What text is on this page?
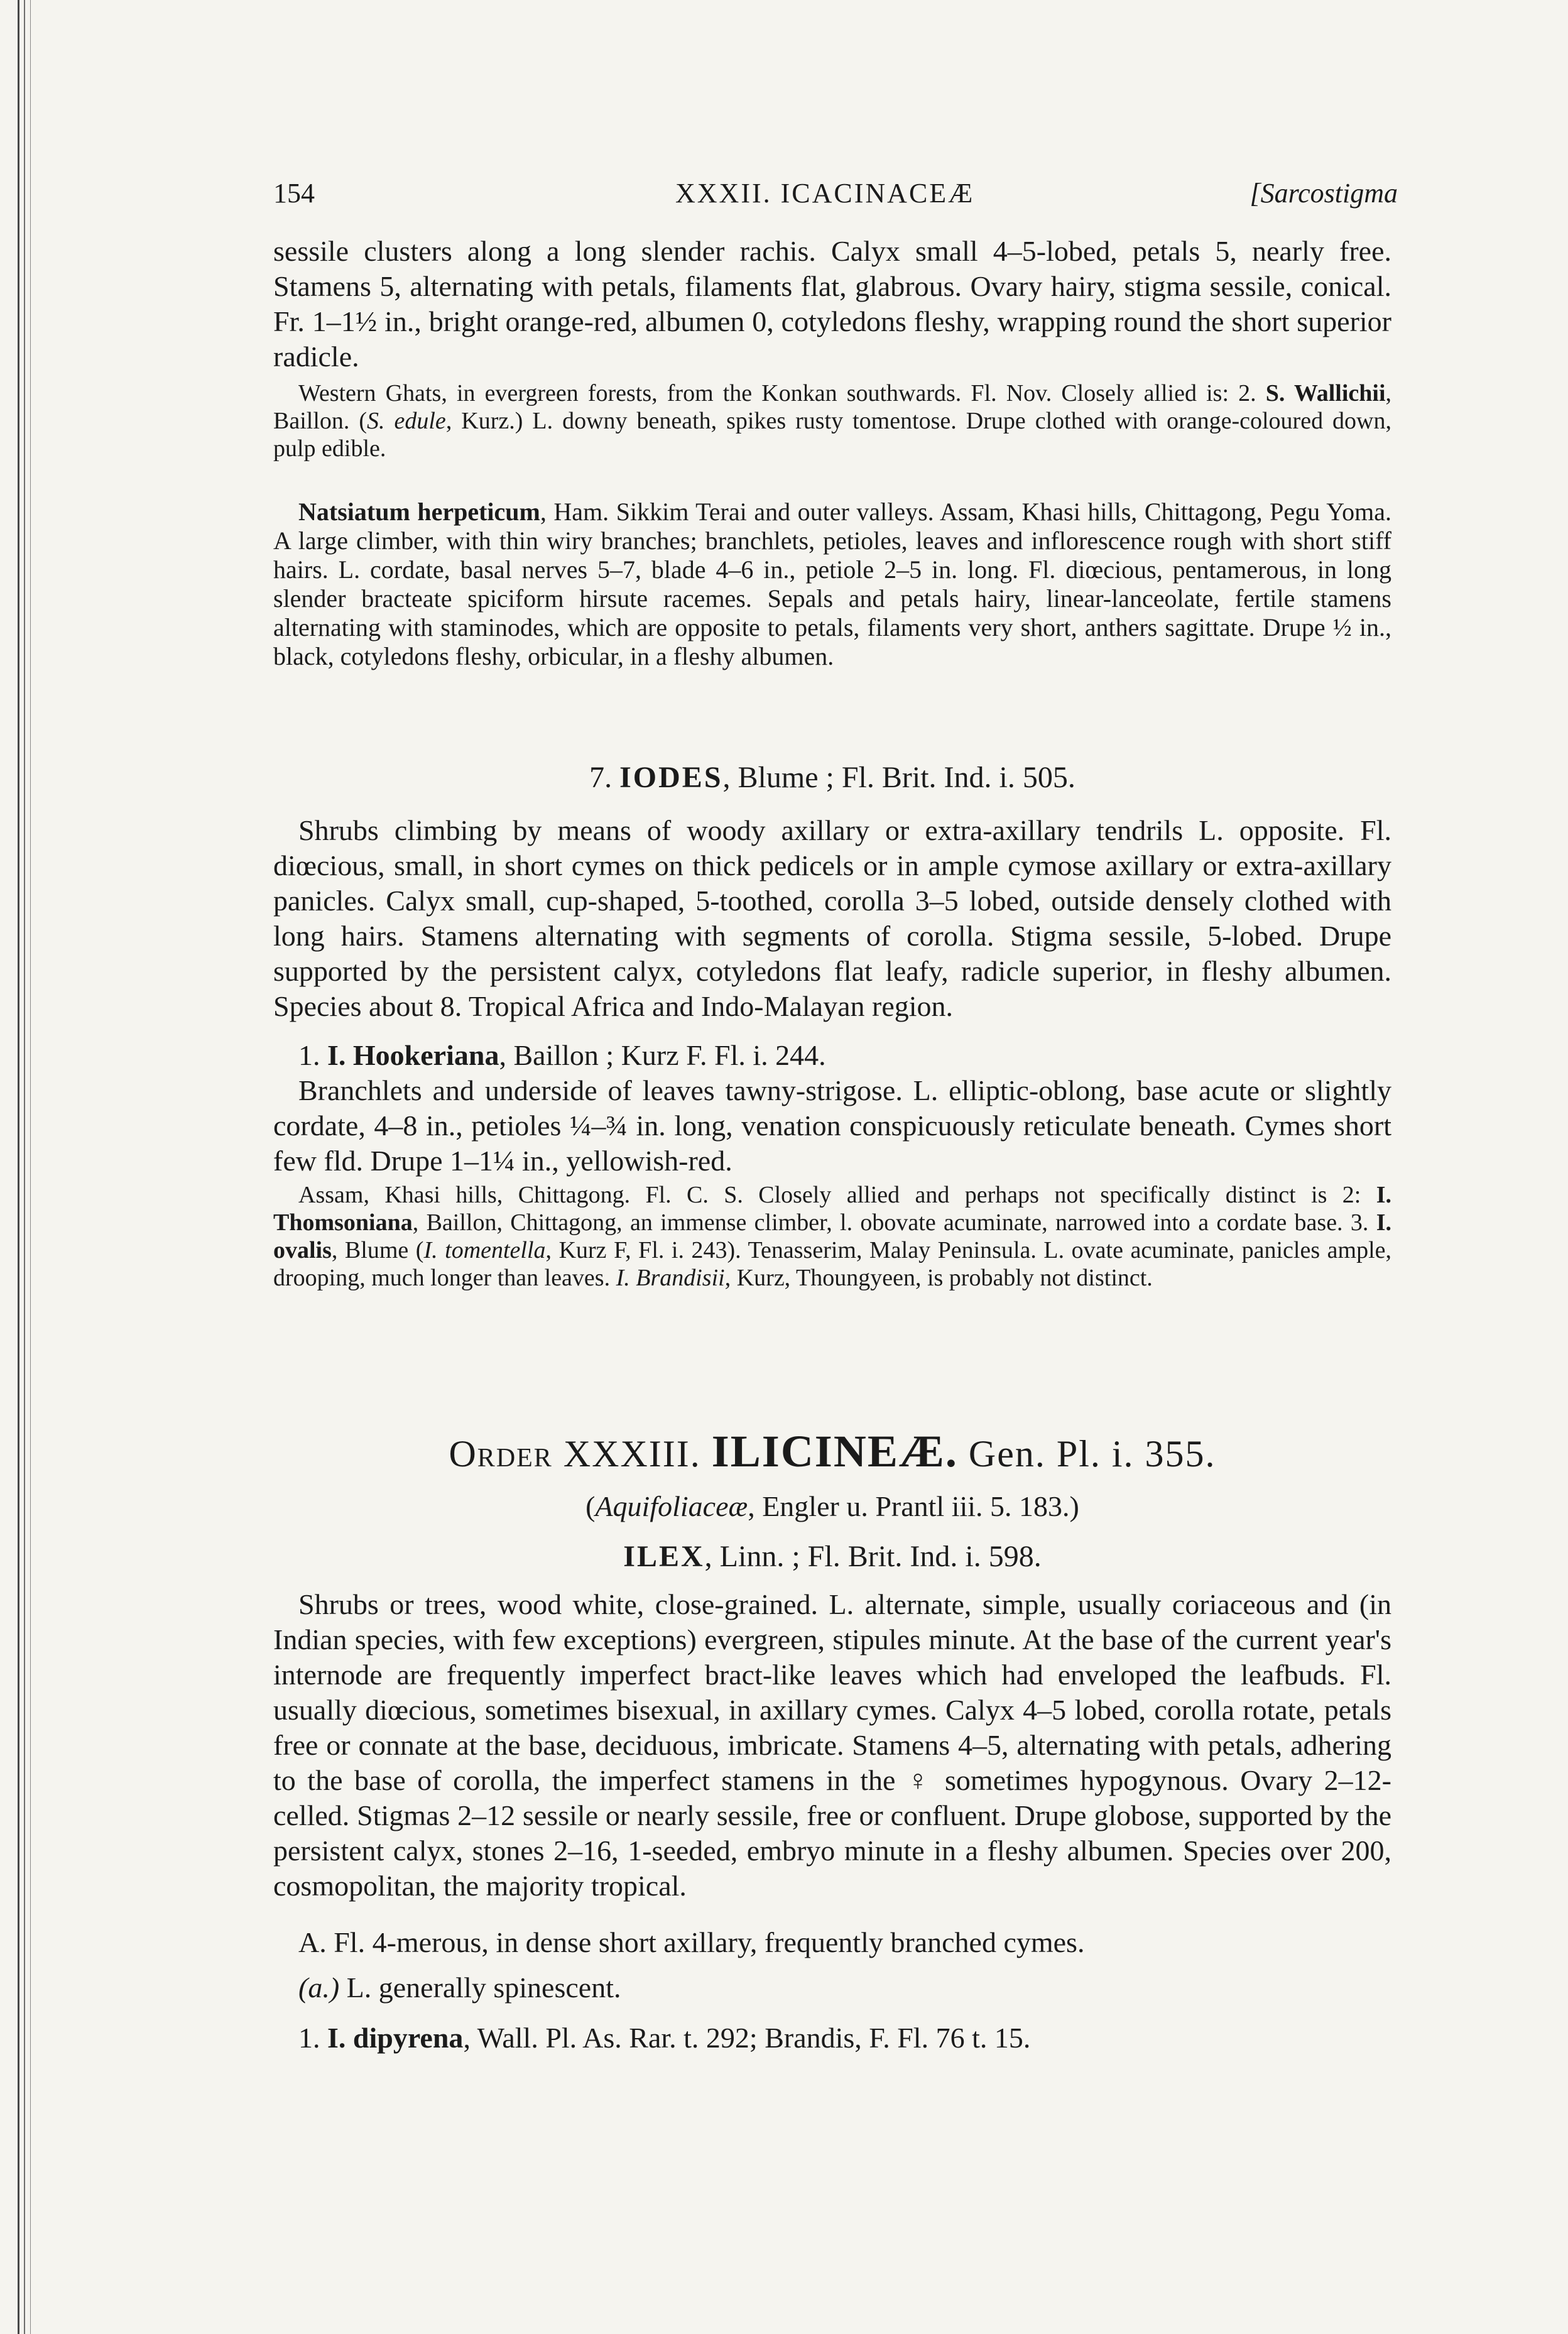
154	XXXII. ICACINACEÆ	[Sarcostigma

sessile clusters along a long slender rachis. Calyx small 4–5-lobed, petals 5, nearly free. Stamens 5, alternating with petals, filaments flat, glabrous. Ovary hairy, stigma sessile, conical. Fr. 1–1½ in., bright orange-red, albumen 0, cotyledons fleshy, wrapping round the short superior radicle.

Western Ghats, in evergreen forests, from the Konkan southwards. Fl. Nov. Closely allied is: 2. S. Wallichii, Baillon. (S. edule, Kurz.) L. downy beneath, spikes rusty tomentose. Drupe clothed with orange-coloured down, pulp edible.

Natsiatum herpeticum, Ham. Sikkim Terai and outer valleys. Assam, Khasi hills, Chittagong, Pegu Yoma. A large climber, with thin wiry branches; branchlets, petioles, leaves and inflorescence rough with short stiff hairs. L. cordate, basal nerves 5–7, blade 4–6 in., petiole 2–5 in. long. Fl. diœcious, pentamerous, in long slender bracteate spiciform hirsute racemes. Sepals and petals hairy, linear-lanceolate, fertile stamens alternating with staminodes, which are opposite to petals, filaments very short, anthers sagittate. Drupe ½ in., black, cotyledons fleshy, orbicular, in a fleshy albumen.

7. IODES, Blume ; Fl. Brit. Ind. i. 505.

Shrubs climbing by means of woody axillary or extra-axillary tendrils L. opposite. Fl. diœcious, small, in short cymes on thick pedicels or in ample cymose axillary or extra-axillary panicles. Calyx small, cup-shaped, 5-toothed, corolla 3–5 lobed, outside densely clothed with long hairs. Stamens alternating with segments of corolla. Stigma sessile, 5-lobed. Drupe supported by the persistent calyx, cotyledons flat leafy, radicle superior, in fleshy albumen. Species about 8. Tropical Africa and Indo-Malayan region.

1. I. Hookeriana, Baillon ; Kurz F. Fl. i. 244.

Branchlets and underside of leaves tawny-strigose. L. elliptic-oblong, base acute or slightly cordate, 4–8 in., petioles ¼–¾ in. long, venation conspicuously reticulate beneath. Cymes short few fld. Drupe 1–1¼ in., yellowish-red.

Assam, Khasi hills, Chittagong. Fl. C. S. Closely allied and perhaps not specifically distinct is 2: I. Thomsoniana, Baillon, Chittagong, an immense climber, l. obovate acuminate, narrowed into a cordate base. 3. I. ovalis, Blume (I. tomentella, Kurz F, Fl. i. 243). Tenasserim, Malay Peninsula. L. ovate acuminate, panicles ample, drooping, much longer than leaves. I. Brandisii, Kurz, Thoungyeen, is probably not distinct.

Order XXXIII. ILICINEÆ. Gen. Pl. i. 355.

(Aquifoliaceæ, Engler u. Prantl iii. 5. 183.)

ILEX, Linn. ; Fl. Brit. Ind. i. 598.

Shrubs or trees, wood white, close-grained. L. alternate, simple, usually coriaceous and (in Indian species, with few exceptions) evergreen, stipules minute. At the base of the current year's internode are frequently imperfect bract-like leaves which had enveloped the leafbuds. Fl. usually diœcious, sometimes bisexual, in axillary cymes. Calyx 4–5 lobed, corolla rotate, petals free or connate at the base, deciduous, imbricate. Stamens 4–5, alternating with petals, adhering to the base of corolla, the imperfect stamens in the ♀ sometimes hypogynous. Ovary 2–12-celled. Stigmas 2–12 sessile or nearly sessile, free or confluent. Drupe globose, supported by the persistent calyx, stones 2–16, 1-seeded, embryo minute in a fleshy albumen. Species over 200, cosmopolitan, the majority tropical.

A. Fl. 4-merous, in dense short axillary, frequently branched cymes.

(a.) L. generally spinescent.

1. I. dipyrena, Wall. Pl. As. Rar. t. 292; Brandis, F. Fl. 76 t. 15.
